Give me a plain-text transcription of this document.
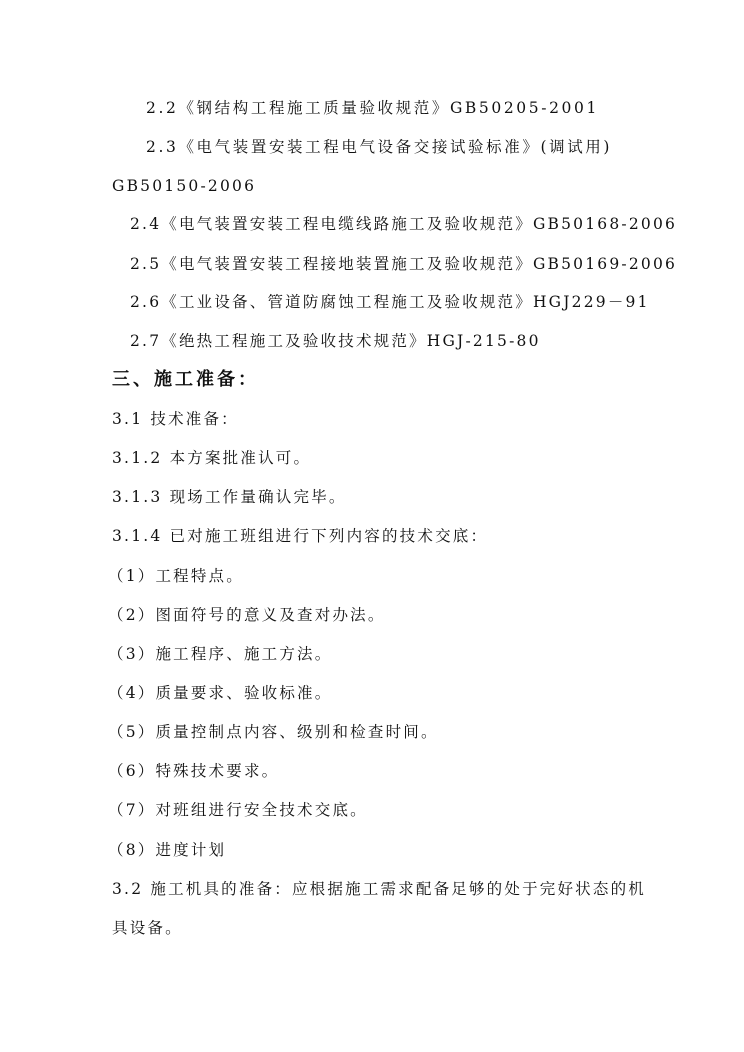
2.2《钢结构工程施工质量验收规范》GB50205-2001
2.3《电气装置安装工程电气设备交接试验标准》(调试用)
GB50150-2006
2.4《电气装置安装工程电缆线路施工及验收规范》GB50168-2006
2.5《电气装置安装工程接地装置施工及验收规范》GB50169-2006
2.6《工业设备、管道防腐蚀工程施工及验收规范》HGJ229－91
2.7《绝热工程施工及验收技术规范》HGJ-215-80
三、施工准备：
3.1 技术准备：
3.1.2 本方案批准认可。
3.1.3 现场工作量确认完毕。
3.1.4 已对施工班组进行下列内容的技术交底：
（1）工程特点。
（2）图面符号的意义及查对办法。
（3）施工程序、施工方法。
（4）质量要求、验收标准。
（5）质量控制点内容、级别和检查时间。
（6）特殊技术要求。
（7）对班组进行安全技术交底。
（8）进度计划
3.2 施工机具的准备：应根据施工需求配备足够的处于完好状态的机
具设备。
